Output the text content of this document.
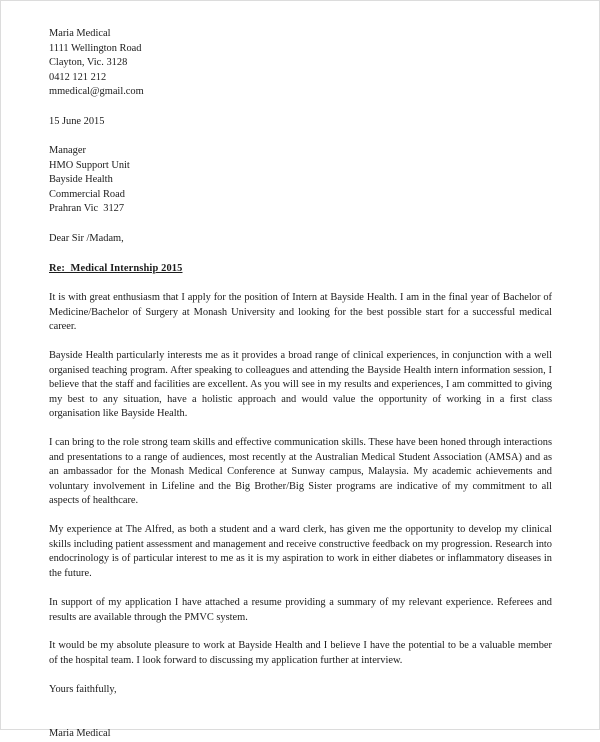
Maria Medical
1111 Wellington Road
Clayton, Vic. 3128
0412 121 212
mmedical@gmail.com
15 June 2015
Manager
HMO Support Unit
Bayside Health
Commercial Road
Prahran Vic  3127
Dear Sir /Madam,
Re:  Medical Internship 2015

It is with great enthusiasm that I apply for the position of Intern at Bayside Health. I am in the final year of Bachelor of Medicine/Bachelor of Surgery at Monash University and looking for the best possible start for a successful medical career.

Bayside Health particularly interests me as it provides a broad range of clinical experiences, in conjunction with a well organised teaching program. After speaking to colleagues and attending the Bayside Health intern information session, I believe that the staff and facilities are excellent. As you will see in my results and experiences, I am committed to giving my best to any situation, have a holistic approach and would value the opportunity of working in a first class organisation like Bayside Health.

I can bring to the role strong team skills and effective communication skills. These have been honed through interactions and presentations to a range of audiences, most recently at the Australian Medical Student Association (AMSA) and as an ambassador for the Monash Medical Conference at Sunway campus, Malaysia. My academic achievements and voluntary involvement in Lifeline and the Big Brother/Big Sister programs are indicative of my commitment to all aspects of healthcare.

My experience at The Alfred, as both a student and a ward clerk, has given me the opportunity to develop my clinical skills including patient assessment and management and receive constructive feedback on my progression. Research into endocrinology is of particular interest to me as it is my aspiration to work in either diabetes or inflammatory diseases in the future.

In support of my application I have attached a resume providing a summary of my relevant experience. Referees and results are available through the PMVC system.

It would be my absolute pleasure to work at Bayside Health and I believe I have the potential to be a valuable member of the hospital team. I look forward to discussing my application further at interview.

Yours faithfully,
Maria Medical
